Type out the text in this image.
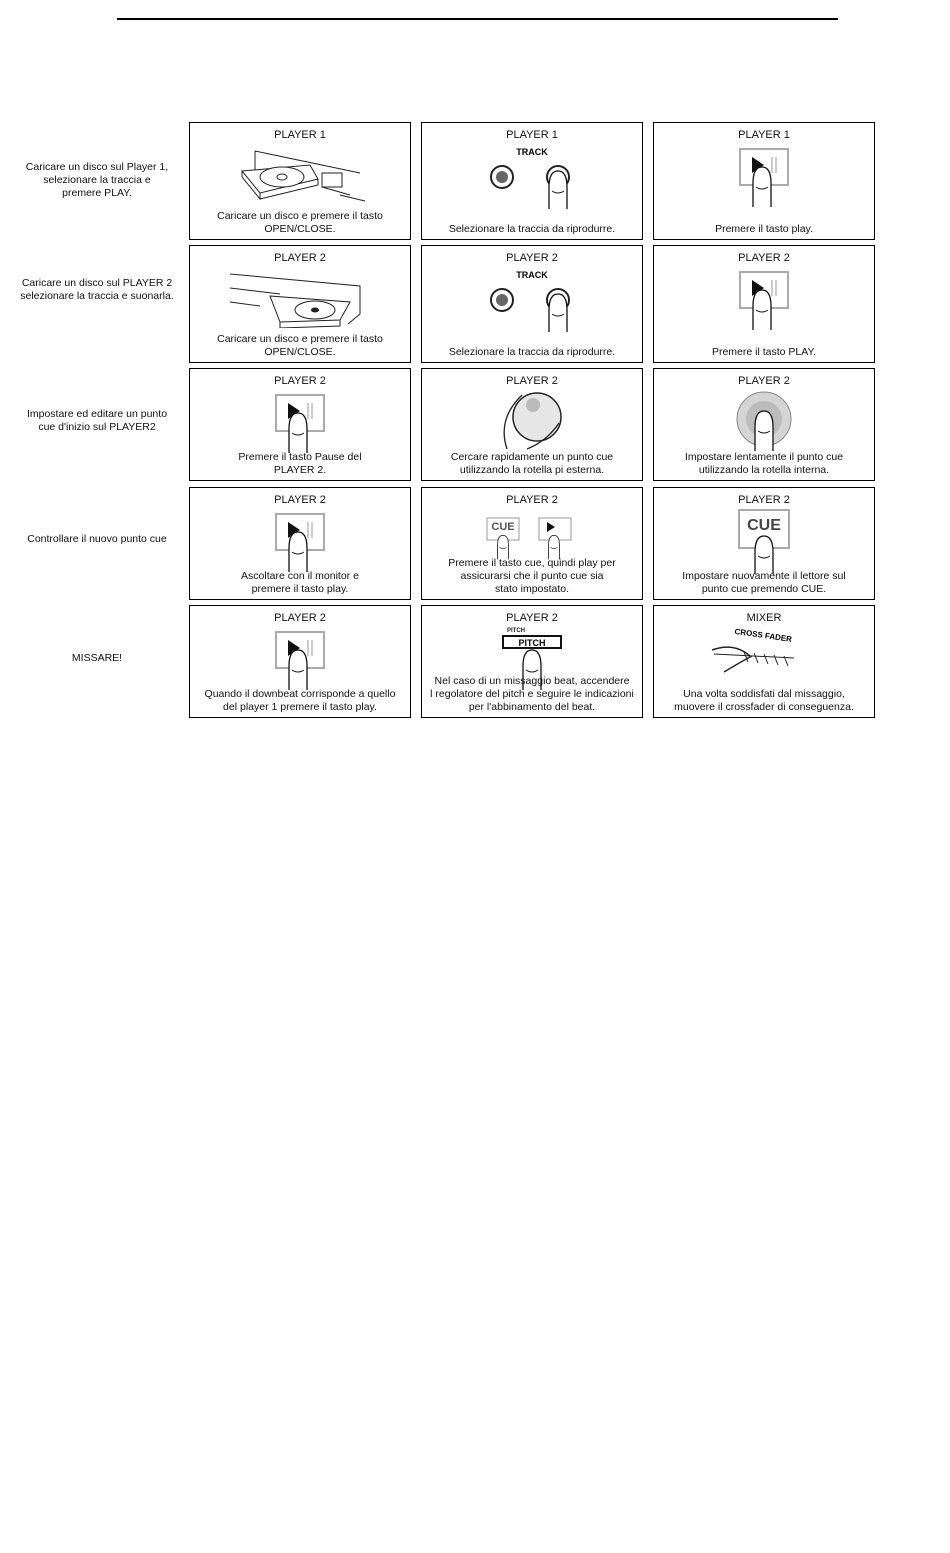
Caricare un disco sul Player 1,
selezionare la traccia e
premere PLAY.
PLAYER 1
Caricare un disco e premere il tasto
OPEN/CLOSE.
PLAYER 1
TRACK
Selezionare la traccia da riprodurre.
PLAYER 1
Premere il tasto play.
Caricare un disco sul PLAYER 2
selezionare la traccia e suonarla.
PLAYER 2
Caricare un disco e premere il tasto
OPEN/CLOSE.
PLAYER 2
TRACK
Selezionare la traccia da riprodurre.
PLAYER 2
Premere il tasto PLAY.
Impostare ed editare un punto
cue d'inizio sul PLAYER2
PLAYER 2
Premere il tasto Pause del
PLAYER 2.
PLAYER 2
Cercare rapidamente un punto cue
utilizzando la rotella pi esterna.
PLAYER 2
Impostare lentamente il punto cue
utilizzando la rotella interna.
Controllare il nuovo punto cue
PLAYER 2
Ascoltare con il monitor e
premere il tasto play.
PLAYER 2
CUE
Premere il tasto cue, quindi play per
assicurarsi che il punto cue sia
stato impostato.
PLAYER 2
CUE
Impostare nuovamente il lettore sul
punto cue premendo CUE.
MISSARE!
PLAYER 2
Quando il downbeat corrisponde a quello
del player 1 premere il tasto play.
PLAYER 2
PITCH
PITCH
Nel caso di un missaggio beat, accendere
l regolatore del pitch e seguire le indicazioni
per l'abbinamento del beat.
MIXER
CROSS FADER
Una volta soddisfati dal missaggio,
muovere il crossfader di conseguenza.
